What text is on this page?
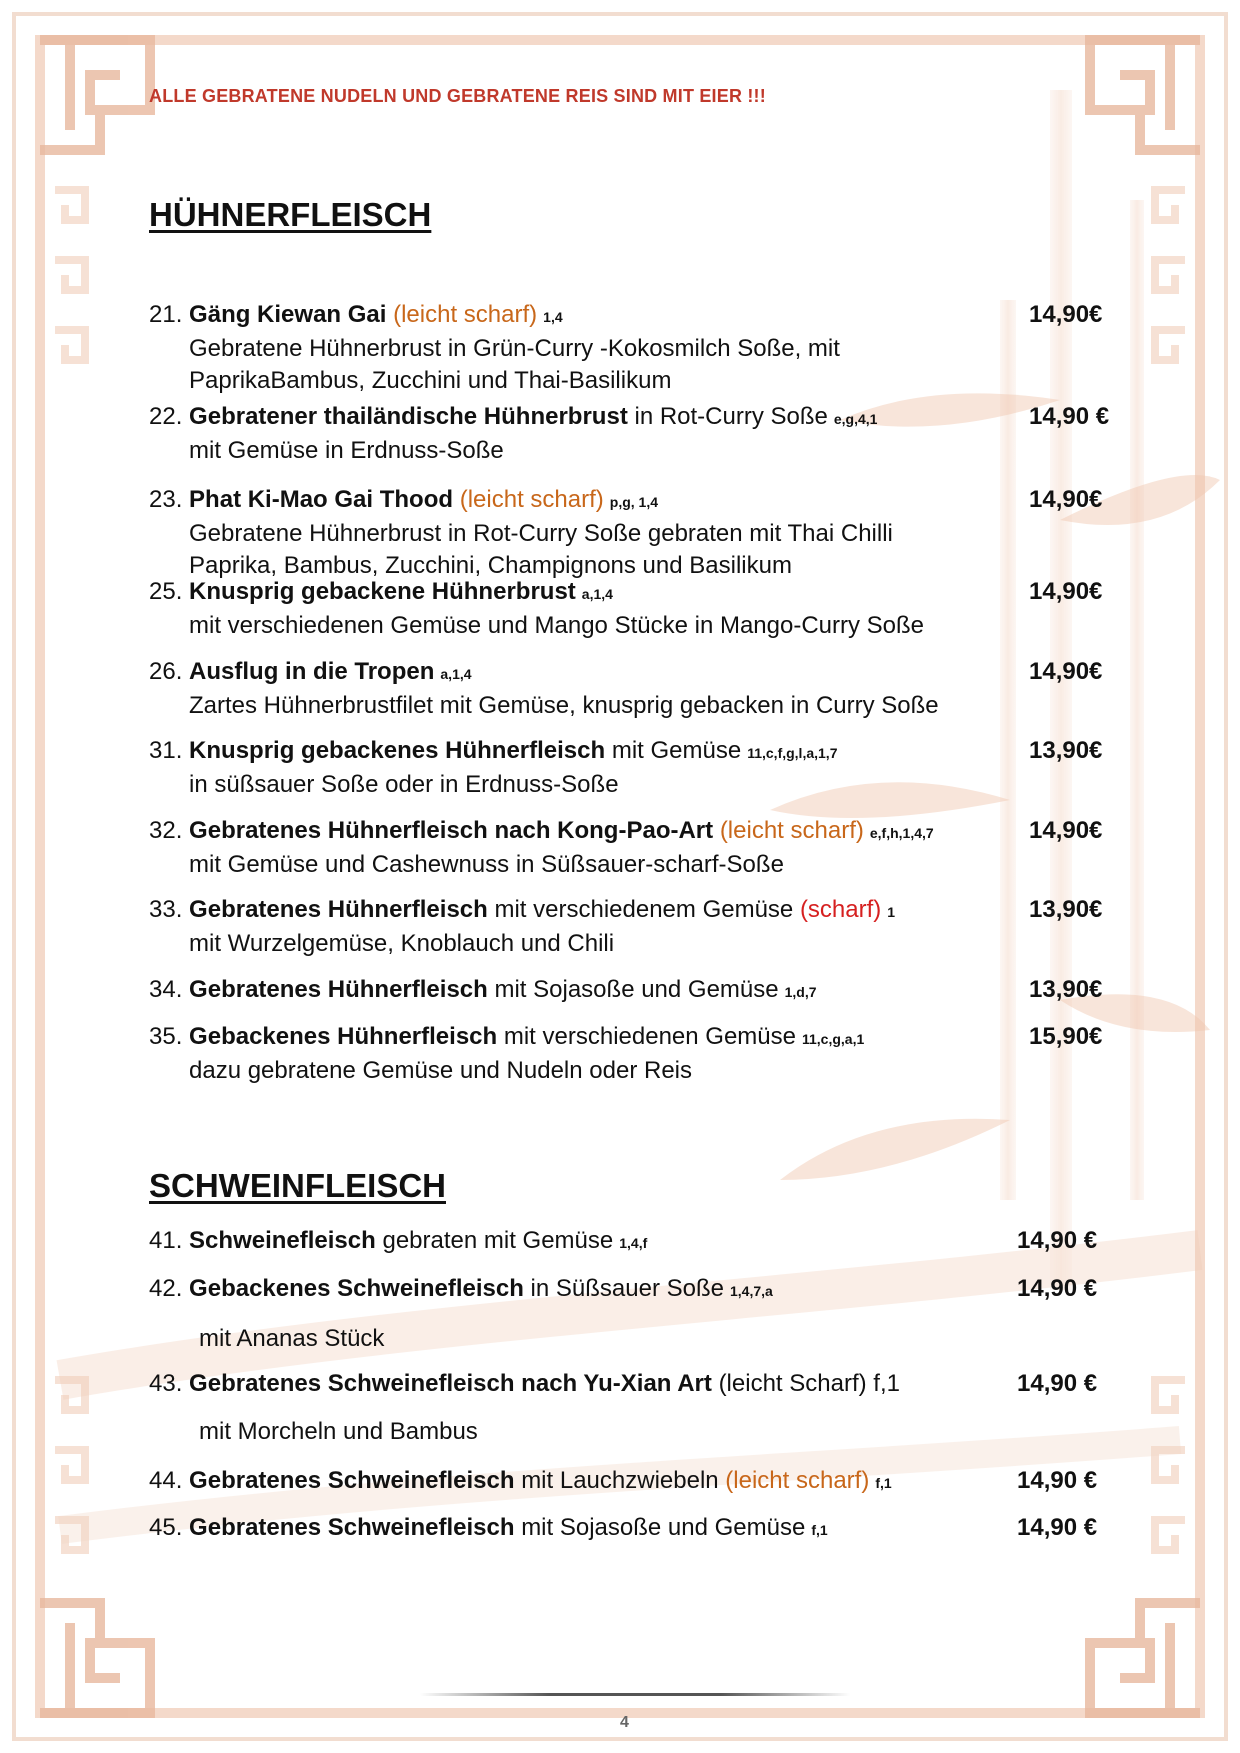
ALLE GEBRATENE NUDELN UND GEBRATENE REIS SIND MIT EIER !!!
HÜHNERFLEISCH
21. Gäng Kiewan Gai (leicht scharf) 1,4	14,90€
Gebratene Hühnerbrust in Grün-Curry -Kokosmilch Soße, mit
PaprikaBambus, Zucchini und Thai-Basilikum
22. Gebratener thailändische Hühnerbrust in Rot-Curry Soße e,g,4,1	14,90 €
mit Gemüse in Erdnuss-Soße
23. Phat Ki-Mao Gai Thood (leicht scharf) p,g, 1,4	14,90€
Gebratene Hühnerbrust in Rot-Curry Soße gebraten mit Thai Chilli
Paprika, Bambus, Zucchini, Champignons und Basilikum
25. Knusprig gebackene Hühnerbrust a,1,4	14,90€
mit verschiedenen Gemüse und Mango Stücke in Mango-Curry Soße
26. Ausflug in die Tropen a,1,4	14,90€
Zartes Hühnerbrustfilet mit Gemüse, knusprig gebacken in Curry Soße
31. Knusprig gebackenes Hühnerfleisch mit Gemüse 11,c,f,g,l,a,1,7	13,90€
in süßsauer Soße oder in Erdnuss-Soße
32. Gebratenes Hühnerfleisch nach Kong-Pao-Art (leicht scharf) e,f,h,1,4,7	14,90€
mit Gemüse und Cashewnuss in Süßsauer-scharf-Soße
33. Gebratenes Hühnerfleisch mit verschiedenem Gemüse (scharf) 1	13,90€
mit Wurzelgemüse, Knoblauch und Chili
34. Gebratenes Hühnerfleisch mit Sojasoße und Gemüse 1,d,7	13,90€
35. Gebackenes Hühnerfleisch mit verschiedenen Gemüse 11,c,g,a,1	15,90€
dazu gebratene Gemüse und Nudeln oder Reis
SCHWEINFLEISCH
41. Schweinefleisch gebraten mit Gemüse 1,4,f	14,90 €
42. Gebackenes Schweinefleisch in Süßsauer Soße 1,4,7,a	14,90 €
mit Ananas Stück
43. Gebratenes Schweinefleisch nach Yu-Xian Art (leicht Scharf) f,1	14,90 €
mit Morcheln und Bambus
44. Gebratenes Schweinefleisch mit Lauchzwiebeln (leicht scharf) f,1	14,90 €
45. Gebratenes Schweinefleisch mit Sojasoße und Gemüse f,1	14,90 €
4
